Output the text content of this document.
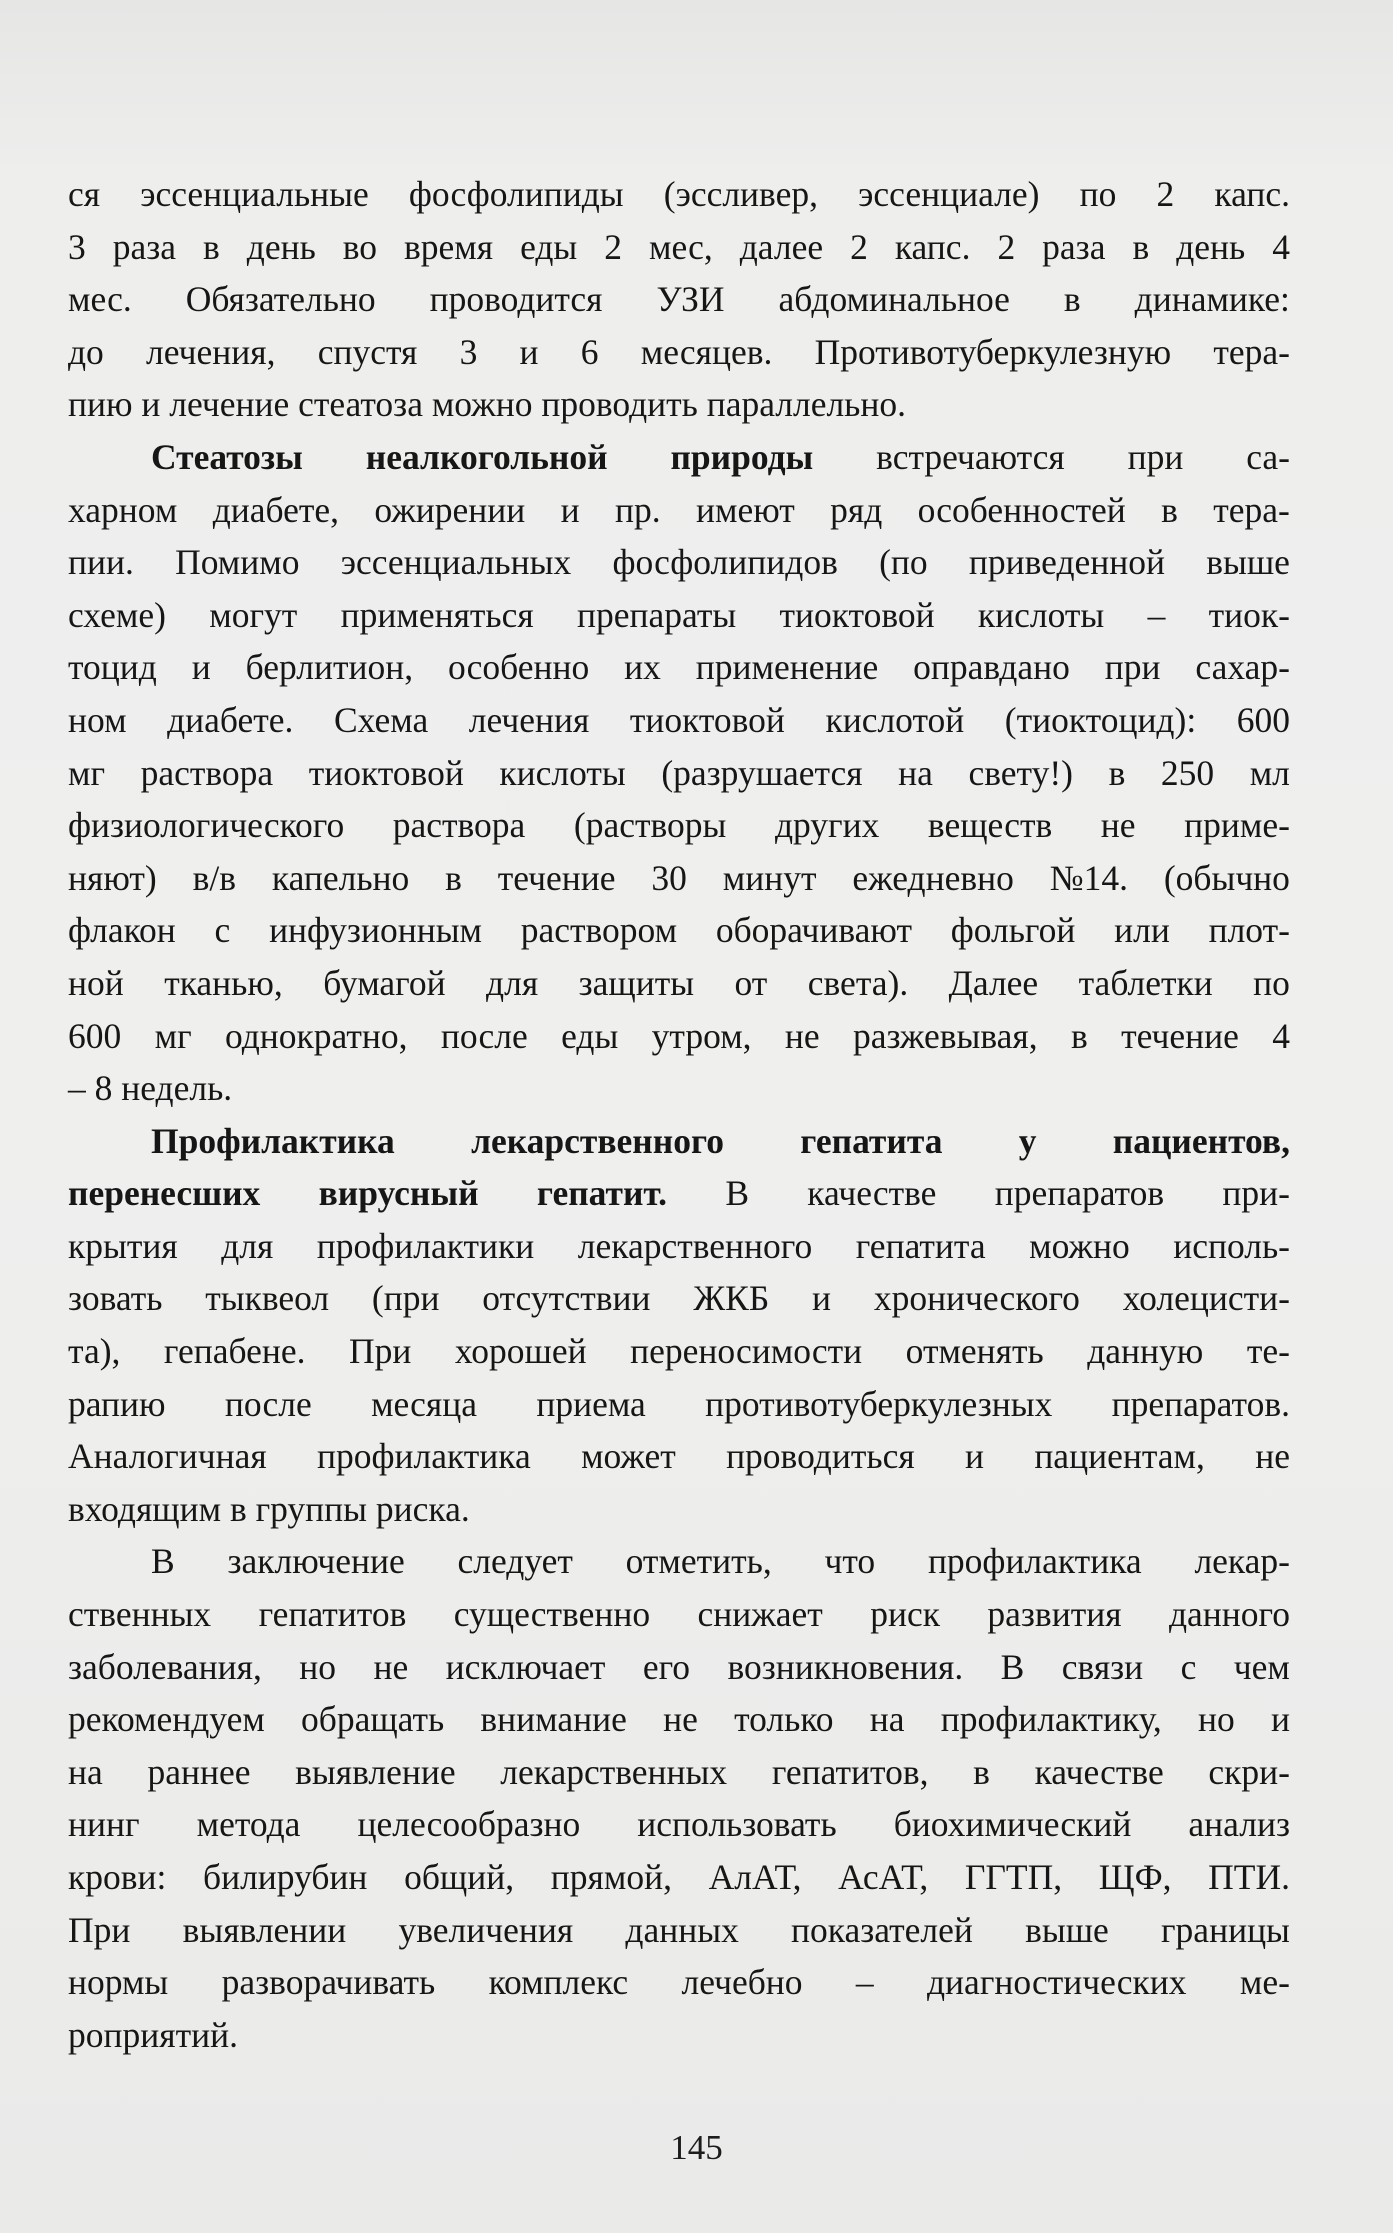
ся эссенциальные фосфолипиды (эссливер, эссенциале) по 2 капс.
3 раза в день во время еды 2 мес, далее 2 капс. 2 раза в день 4
мес. Обязательно проводится УЗИ абдоминальное в динамике:
до лечения, спустя 3 и 6 месяцев. Противотуберкулезную тера-
пию и лечение стеатоза можно проводить параллельно.
Стеатозы неалкогольной природы встречаются при са-
харном диабете, ожирении и пр. имеют ряд особенностей в тера-
пии. Помимо эссенциальных фосфолипидов (по приведенной выше
схеме) могут применяться препараты тиоктовой кислоты – тиок-
тоцид и берлитион, особенно их применение оправдано при сахар-
ном диабете. Схема лечения тиоктовой кислотой (тиоктоцид): 600
мг раствора тиоктовой кислоты (разрушается на свету!) в 250 мл
физиологического раствора (растворы других веществ не приме-
няют) в/в капельно в течение 30 минут ежедневно №14. (обычно
флакон с инфузионным раствором оборачивают фольгой или плот-
ной тканью, бумагой для защиты от света). Далее таблетки по
600 мг однократно, после еды утром, не разжевывая, в течение 4
– 8 недель.
Профилактика лекарственного гепатита у пациентов,
перенесших вирусный гепатит. В качестве препаратов при-
крытия для профилактики лекарственного гепатита можно исполь-
зовать тыквеол (при отсутствии ЖКБ и хронического холецисти-
та), гепабене. При хорошей переносимости отменять данную те-
рапию после месяца приема противотуберкулезных препаратов.
Аналогичная профилактика может проводиться и пациентам, не
входящим в группы риска.
В заключение следует отметить, что профилактика лекар-
ственных гепатитов существенно снижает риск развития данного
заболевания, но не исключает его возникновения. В связи с чем
рекомендуем обращать внимание не только на профилактику, но и
на раннее выявление лекарственных гепатитов, в качестве скри-
нинг метода целесообразно использовать биохимический анализ
крови: билирубин общий, прямой, АлАТ, АсАТ, ГГТП, ЩФ, ПТИ.
При выявлении увеличения данных показателей выше границы
нормы разворачивать комплекс лечебно – диагностических ме-
роприятий.
145
